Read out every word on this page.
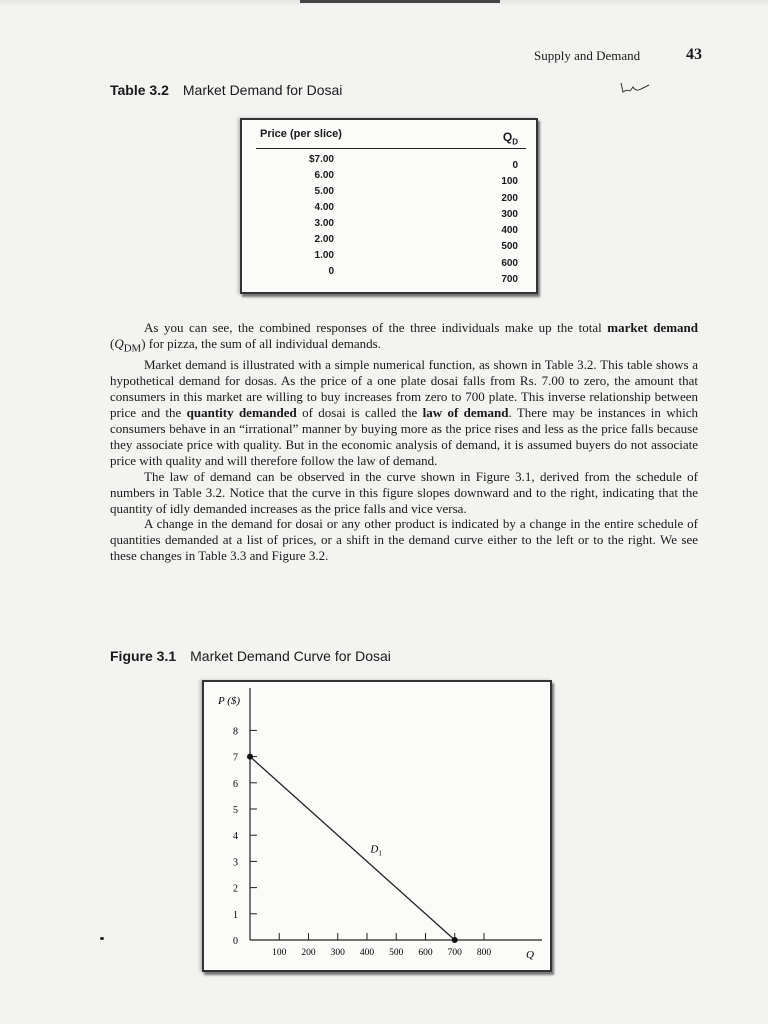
Supply and Demand	43
Table 3.2 Market Demand for Dosai
Price (per slice)	$Q_D$
$7.00
6.00
5.00
4.00
3.00
2.00
1.00
0
0
100
200
300
400
500
600
700

As you can see, the combined responses of the three individuals make up the total market demand $(Q_{DM})$ for pizza, the sum of all individual demands.

Market demand is illustrated with a simple numerical function, as shown in Table 3.2. This table shows a hypothetical demand for dosas. As the price of a one plate dosai falls from Rs. 7.00 to zero, the amount that consumers in this market are willing to buy increases from zero to 700 plate. This inverse relationship between price and the quantity demanded of dosai is called the law of demand. There may be instances in which consumers behave in an “irrational” manner by buying more as the price rises and less as the price falls because they associate price with quality. But in the economic analysis of demand, it is assumed buyers do not associate price with quality and will therefore follow the law of demand.

The law of demand can be observed in the curve shown in Figure 3.1, derived from the schedule of numbers in Table 3.2. Notice that the curve in this figure slopes downward and to the right, indicating that the quantity of idly demanded increases as the price falls and vice versa.

A change in the demand for dosai or any other product is indicated by a change in the entire schedule of quantities demanded at a list of prices, or a shift in the demand curve either to the left or to the right. We see these changes in Table 3.3 and Figure 3.2.

Figure 3.1 Market Demand Curve for Dosai
P ($)
Q
0
1
2
3
4
5
6
7
8
100 200 300 400 500 600 700 800
$D_1$
